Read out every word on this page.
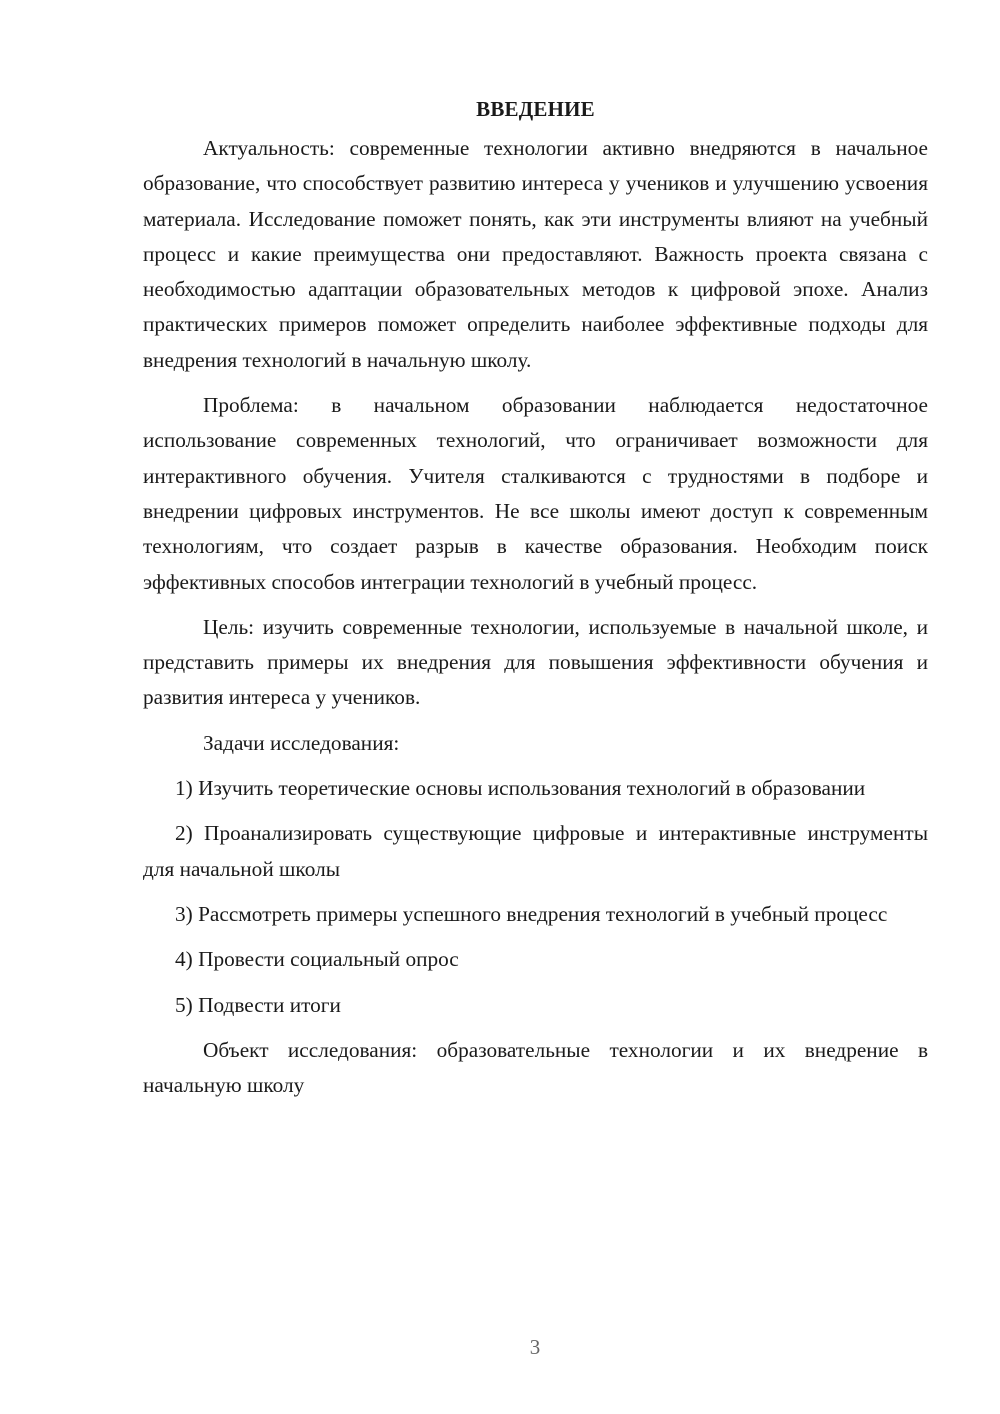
ВВЕДЕНИЕ

Актуальность: современные технологии активно внедряются в начальное образование, что способствует развитию интереса у учеников и улучшению усвоения материала. Исследование поможет понять, как эти инструменты влияют на учебный процесс и какие преимущества они предоставляют. Важность проекта связана с необходимостью адаптации образовательных методов к цифровой эпохе. Анализ практических примеров поможет определить наиболее эффективные подходы для внедрения технологий в начальную школу.

Проблема: в начальном образовании наблюдается недостаточное использование современных технологий, что ограничивает возможности для интерактивного обучения. Учителя сталкиваются с трудностями в подборе и внедрении цифровых инструментов. Не все школы имеют доступ к современным технологиям, что создает разрыв в качестве образования. Необходим поиск эффективных способов интеграции технологий в учебный процесс.

Цель: изучить современные технологии, используемые в начальной школе, и представить примеры их внедрения для повышения эффективности обучения и развития интереса у учеников.

Задачи исследования:

1) Изучить теоретические основы использования технологий в образовании

2) Проанализировать существующие цифровые и интерактивные инструменты для начальной школы

3) Рассмотреть примеры успешного внедрения технологий в учебный процесс

4) Провести социальный опрос

5) Подвести итоги

Объект исследования: образовательные технологии и их внедрение в начальную школу

3
